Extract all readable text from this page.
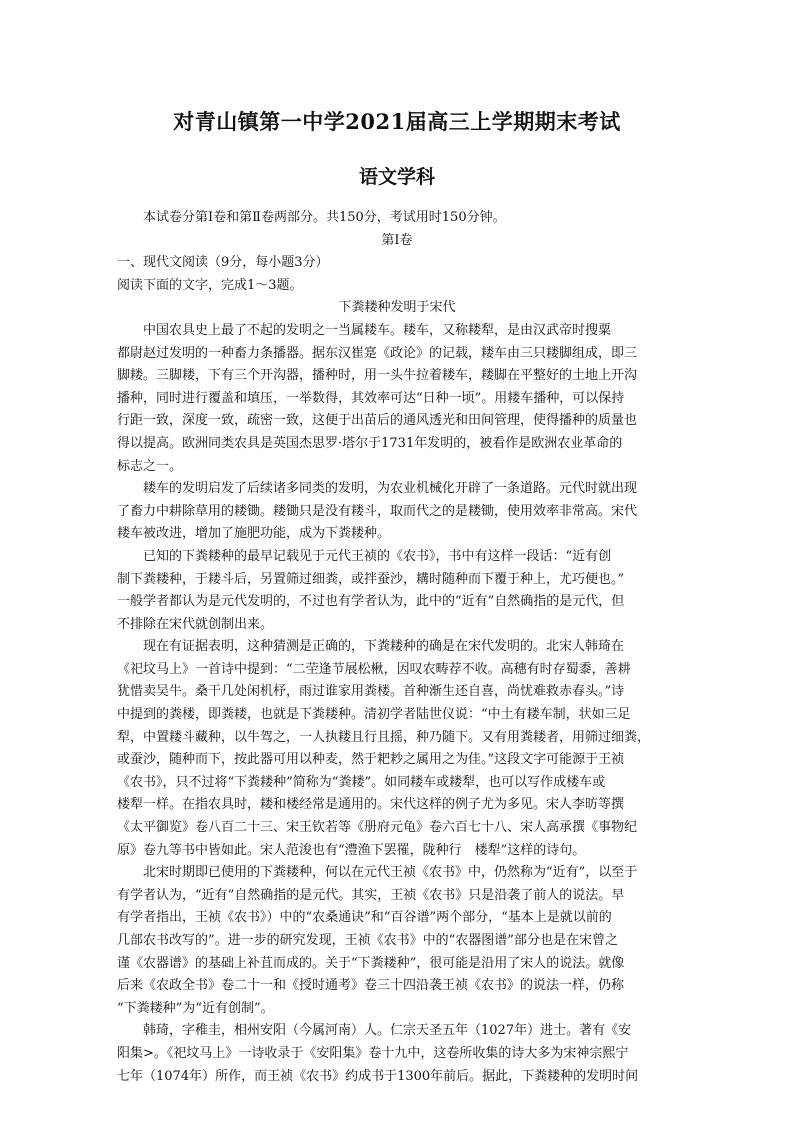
对青山镇第一中学2021届高三上学期期末考试
语文学科

本试卷分第Ⅰ卷和第Ⅱ卷两部分。共150分，考试用时150分钟。

第Ⅰ卷

一、现代文阅读（9分，每小题3分）

阅读下面的文字，完成1～3题。

下粪耧种发明于宋代

中国农具史上最了不起的发明之一当属耧车。耧车，又称耧犁，是由汉武帝时搜粟

都尉赵过发明的一种畜力条播器。据东汉崔寔《政论》的记载，耧车由三只耧脚组成，即三

脚耧。三脚耧，下有三个开沟器，播种时，用一头牛拉着耧车，耧脚在平整好的土地上开沟

播种，同时进行覆盖和填压，一举数得，其效率可达“日种一顷”。用耧车播种，可以保持

行距一致，深度一致，疏密一致，这便于出苗后的通风透光和田间管理，使得播种的质量也

得以提高。欧洲同类农具是英国杰思罗·塔尔于1731年发明的，被看作是欧洲农业革命的

标志之一。

耧车的发明启发了后续诸多同类的发明，为农业机械化开辟了一条道路。元代时就出现

了畜力中耕除草用的耧锄。耧锄只是没有耧斗，取而代之的是耧锄，使用效率非常高。宋代

耧车被改进，增加了施肥功能，成为下粪耧种。

已知的下粪耧种的最早记载见于元代王祯的《农书》，书中有这样一段话：“近有创

制下粪耧种，于耧斗后，另置筛过细粪，或拌蚕沙，耩时随种而下覆于种上，尤巧便也。”

一般学者都认为是元代发明的，不过也有学者认为，此中的“近有”自然确指的是元代，但

不排除在宋代就创制出来。

现在有证据表明，这种猜测是正确的，下粪耧种的确是在宋代发明的。北宋人韩琦在

《祀坟马上》一首诗中提到：“二茔逢节展松楸，因叹农畴荐不收。高穗有时存蜀黍，善耕

犹惜卖吴牛。桑干几处闲机杼，雨过谁家用粪楼。首种渐生还自喜，尚忧难救赤春头。”诗

中提到的粪楼，即粪耧，也就是下粪耧种。清初学者陆世仪说：“中土有耧车制，状如三足

犁，中置耧斗藏种，以牛驾之，一人执耧且行且摇，种乃随下。又有用粪耧者，用筛过细粪，

或蚕沙，随种而下，按此器可用以种麦，然于耙耖之属用之为佳。”这段文字可能源于王祯

《农书》，只不过将“下粪耧种”简称为“粪耧”。如同耧车或耧犁，也可以写作成楼车或

楼犁一样。在指农具时，耧和楼经常是通用的。宋代这样的例子尤为多见。宋人李昉等撰

《太平御览》卷八百二十三、宋王钦若等《册府元龟》卷六百七十八、宋人高承撰《事物纪

原》卷九等书中皆如此。宋人范浚也有“澧渔下罢罹，陇种行　楼犁”这样的诗句。

北宋时期即已使用的下粪耧种，何以在元代王祯《农书》中，仍然称为“近有”，以至于

有学者认为，“近有”自然确指的是元代。其实，王祯《农书》只是沿袭了前人的说法。早

有学者指出，王祯《农书》）中的“农桑通诀”和“百谷谱”两个部分，“基本上是就以前的

几部农书改写的”。进一步的研究发现，王祯《农书》中的“农器图谱”部分也是在宋曾之

谨《农器谱》的基础上补苴而成的。关于“下粪耧种”，很可能是沿用了宋人的说法。就像

后来《农政全书》卷二十一和《授时通考》卷三十四沿袭王祯《农书》的说法一样，仍称

“下粪耧种”为“近有创制”。

韩琦，字稚圭，相州安阳（今属河南）人。仁宗天圣五年（1027年）进士。著有《安

阳集>。《祀坟马上》一诗收录于《安阳集》卷十九中，这卷所收集的诗大多为宋神宗熙宁

七年（1074年）所作，而王祯《农书》约成书于1300年前后。据此，下粪耧种的发明时间
